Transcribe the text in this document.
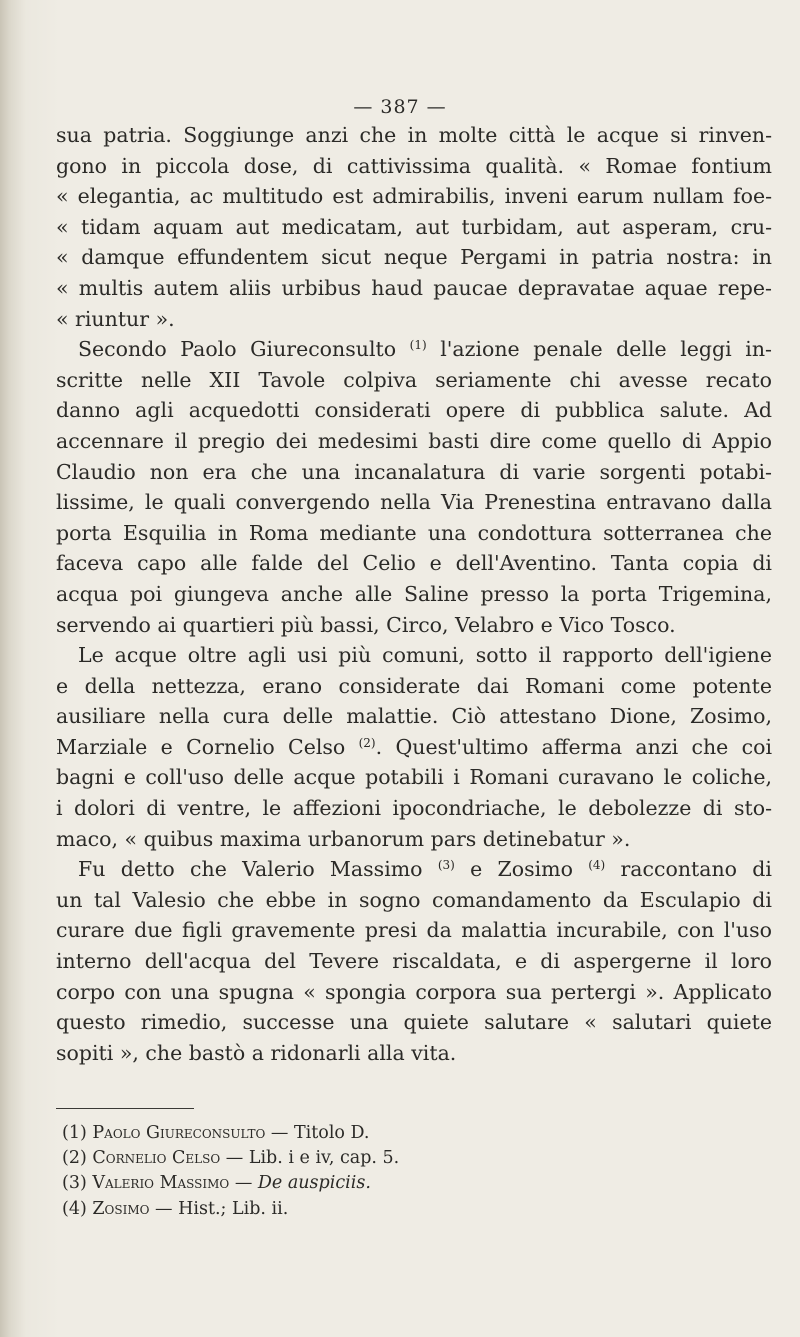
— 387 —
sua patria. Soggiunge anzi che in molte città le acque si rinven-
gono in piccola dose, di cattivissima qualità. « Romae fontium
« elegantia, ac multitudo est admirabilis, inveni earum nullam foe-
« tidam aquam aut medicatam, aut turbidam, aut asperam, cru-
« damque effundentem sicut neque Pergami in patria nostra: in
« multis autem aliis urbibus haud paucae depravatae aquae repe-
« riuntur ».
Secondo Paolo Giureconsulto $^{(1)}$ l'azione penale delle leggi in-
scritte nelle XII Tavole colpiva seriamente chi avesse recato
danno agli acquedotti considerati opere di pubblica salute. Ad
accennare il pregio dei medesimi basti dire come quello di Appio
Claudio non era che una incanalatura di varie sorgenti potabi-
lissime, le quali convergendo nella Via Prenestina entravano dalla
porta Esquilia in Roma mediante una condottura sotterranea che
faceva capo alle falde del Celio e dell'Aventino. Tanta copia di
acqua poi giungeva anche alle Saline presso la porta Trigemina,
servendo ai quartieri più bassi, Circo, Velabro e Vico Tosco.
Le acque oltre agli usi più comuni, sotto il rapporto dell'igiene
e della nettezza, erano considerate dai Romani come potente
ausiliare nella cura delle malattie. Ciò attestano Dione, Zosimo,
Marziale e Cornelio Celso $^{(2)}$. Quest'ultimo afferma anzi che coi
bagni e coll'uso delle acque potabili i Romani curavano le coliche,
i dolori di ventre, le affezioni ipocondriache, le debolezze di sto-
maco, « quibus maxima urbanorum pars detinebatur ».
Fu detto che Valerio Massimo $^{(3)}$ e Zosimo $^{(4)}$ raccontano di
un tal Valesio che ebbe in sogno comandamento da Esculapio di
curare due figli gravemente presi da malattia incurabile, con l'uso
interno dell'acqua del Tevere riscaldata, e di aspergerne il loro
corpo con una spugna « spongia corpora sua pertergi ». Applicato
questo rimedio, successe una quiete salutare « salutari quiete
sopiti », che bastò a ridonarli alla vita.
(1) Paolo Giureconsulto — Titolo D.
(2) Cornelio Celso — Lib. i e iv, cap. 5.
(3) Valerio Massimo — De auspiciis.
(4) Zosimo — Hist.; Lib. ii.
